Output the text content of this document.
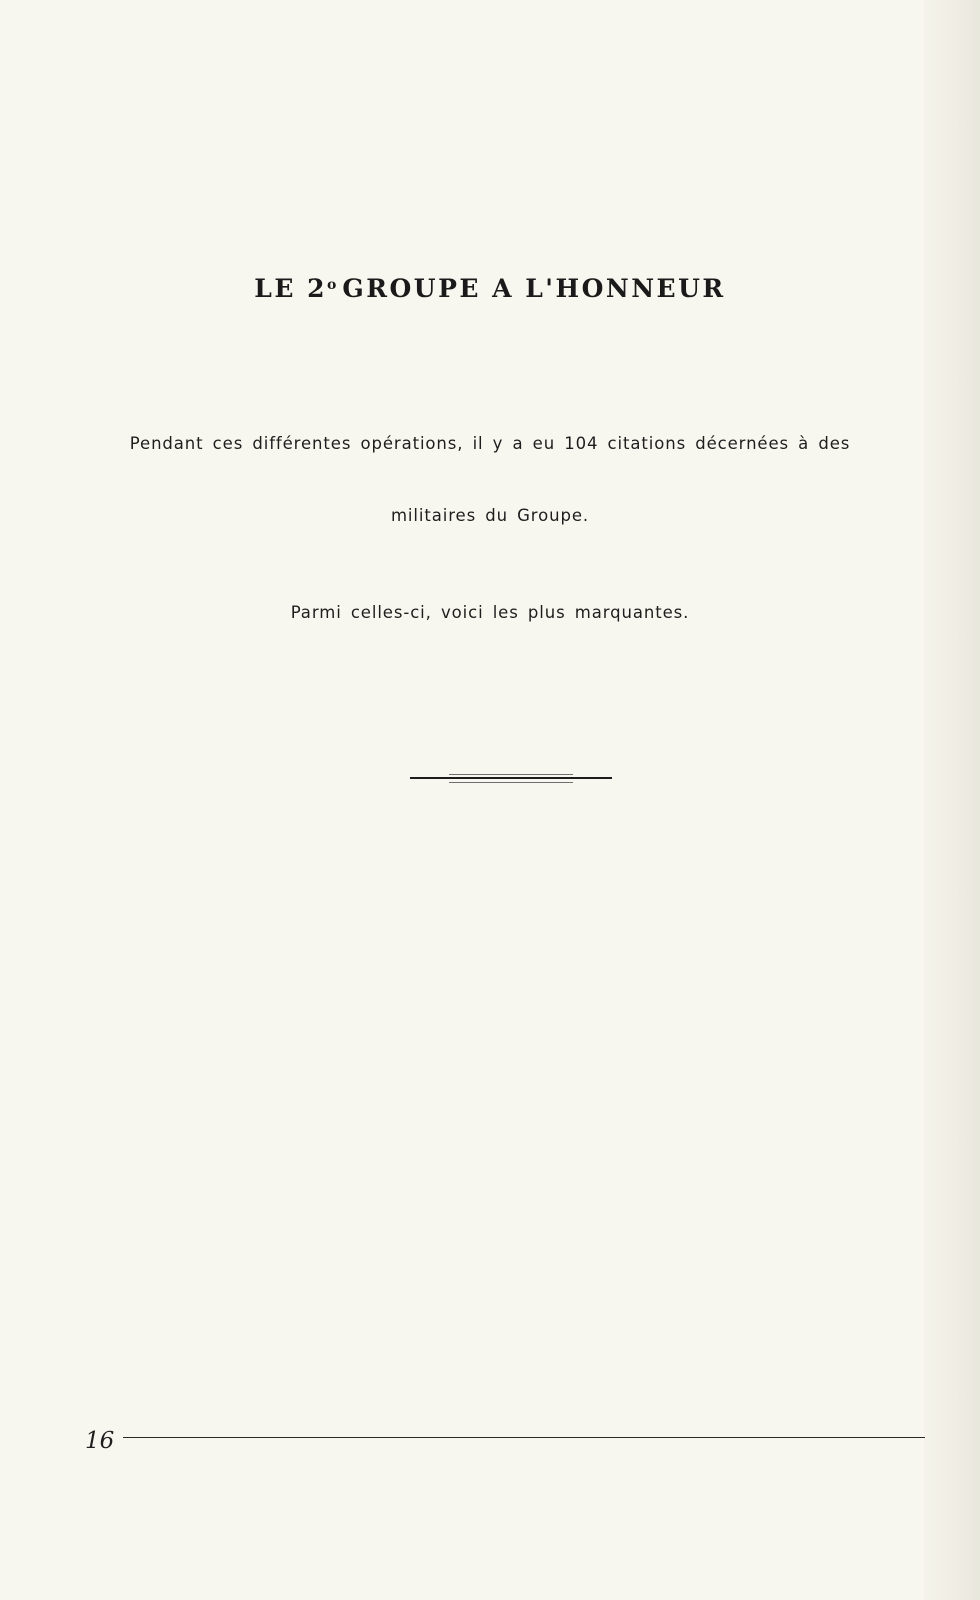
LE 2$^o$ GROUPE A L'HONNEUR

Pendant ces différentes opérations, il y a eu 104 citations décernées à des

militaires du Groupe.

Parmi celles-ci, voici les plus marquantes.

16
